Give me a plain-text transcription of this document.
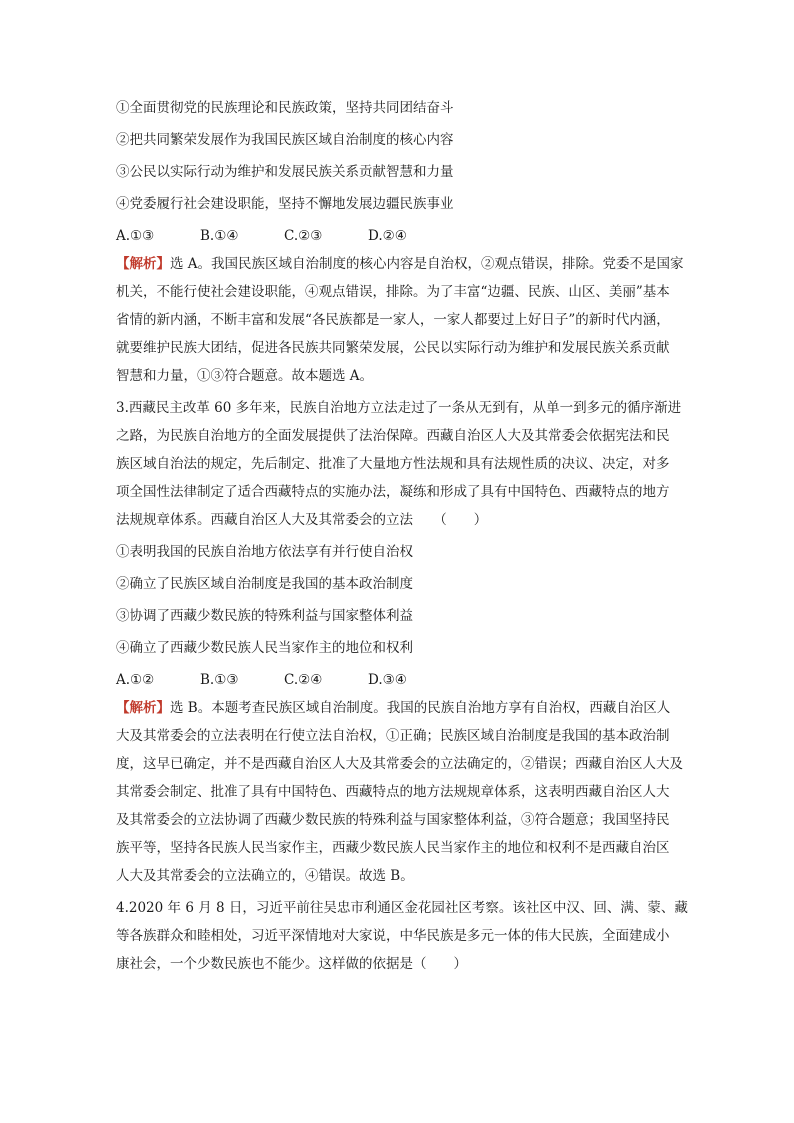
①全面贯彻党的民族理论和民族政策，坚持共同团结奋斗
②把共同繁荣发展作为我国民族区域自治制度的核心内容
③公民以实际行动为维护和发展民族关系贡献智慧和力量
④党委履行社会建设职能，坚持不懈地发展边疆民族事业
A.①③	B.①④	C.②③	D.②④
【解析】选 A。我国民族区域自治制度的核心内容是自治权，②观点错误，排除。党委不是国家
机关，不能行使社会建设职能，④观点错误，排除。为了丰富“边疆、民族、山区、美丽”基本
省情的新内涵，不断丰富和发展“各民族都是一家人，一家人都要过上好日子”的新时代内涵，
就要维护民族大团结，促进各民族共同繁荣发展，公民以实际行动为维护和发展民族关系贡献
智慧和力量，①③符合题意。故本题选 A。
3.西藏民主改革 60 多年来，民族自治地方立法走过了一条从无到有，从单一到多元的循序渐进
之路，为民族自治地方的全面发展提供了法治保障。西藏自治区人大及其常委会依据宪法和民
族区域自治法的规定，先后制定、批准了大量地方性法规和具有法规性质的决议、决定，对多
项全国性法律制定了适合西藏特点的实施办法，凝练和形成了具有中国特色、西藏特点的地方
法规规章体系。西藏自治区人大及其常委会的立法　　（　　）
①表明我国的民族自治地方依法享有并行使自治权
②确立了民族区域自治制度是我国的基本政治制度
③协调了西藏少数民族的特殊利益与国家整体利益
④确立了西藏少数民族人民当家作主的地位和权利
A.①②	B.①③	C.②④	D.③④
【解析】选 B。本题考查民族区域自治制度。我国的民族自治地方享有自治权，西藏自治区人
大及其常委会的立法表明在行使立法自治权，①正确；民族区域自治制度是我国的基本政治制
度，这早已确定，并不是西藏自治区人大及其常委会的立法确定的，②错误；西藏自治区人大及
其常委会制定、批准了具有中国特色、西藏特点的地方法规规章体系，这表明西藏自治区人大
及其常委会的立法协调了西藏少数民族的特殊利益与国家整体利益，③符合题意；我国坚持民
族平等，坚持各民族人民当家作主，西藏少数民族人民当家作主的地位和权利不是西藏自治区
人大及其常委会的立法确立的，④错误。故选 B。
4.2020 年 6 月 8 日，习近平前往吴忠市利通区金花园社区考察。该社区中汉、回、满、蒙、藏
等各族群众和睦相处，习近平深情地对大家说，中华民族是多元一体的伟大民族，全面建成小
康社会，一个少数民族也不能少。这样做的依据是（　　）
